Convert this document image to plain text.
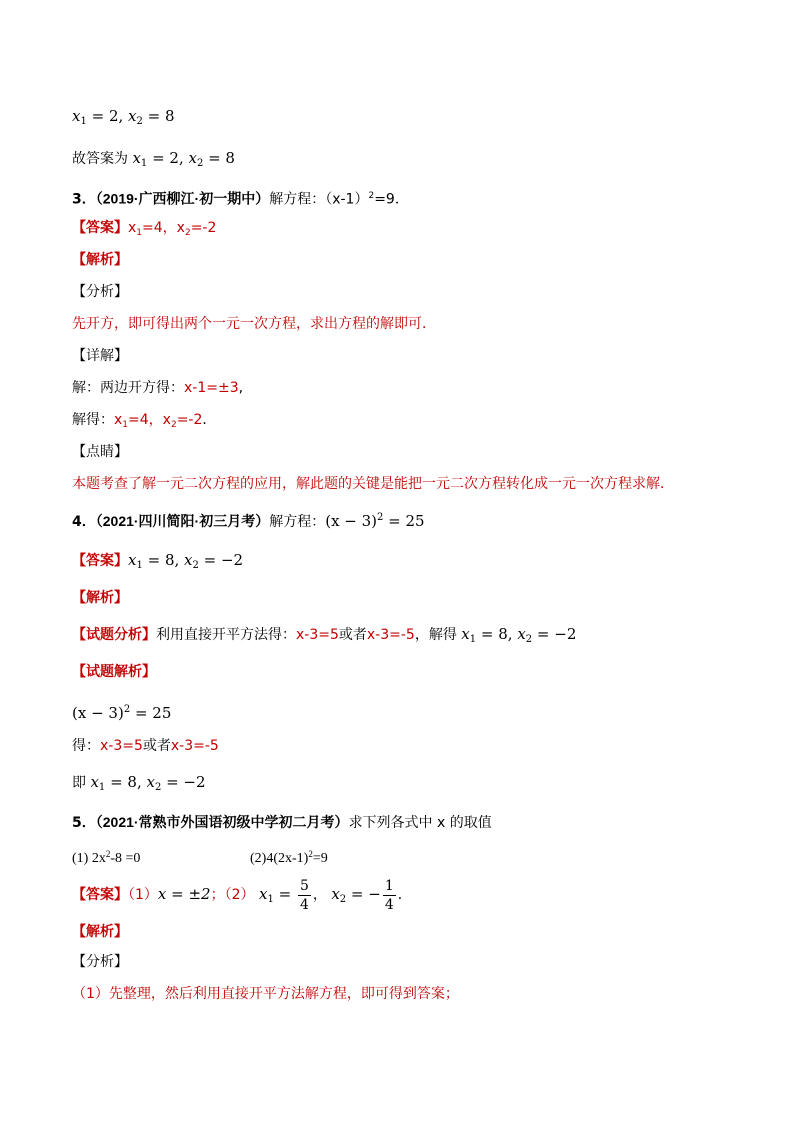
$x_1 = 2$, $x_2 = 8$
故答案为 $x_1 = 2$, $x_2 = 8$
3．（2019·广西柳江·初一期中）解方程：$(x-1)^2=9$．
【答案】$x_1=4$，$x_2=-2$
【解析】
【分析】
先开方，即可得出两个一元一次方程，求出方程的解即可．
【详解】
解：两边开方得：x-1=±3,
解得：$x_1=4$，$x_2=-2$．
【点睛】
本题考查了解一元二次方程的应用，解此题的关键是能把一元二次方程转化成一元一次方程求解．
4．（2021·四川简阳·初三月考）解方程：$(x - 3)^2 = 25$
【答案】$x_1 = 8$, $x_2 = -2$
【解析】
【试题分析】利用直接开平方法得：x-3=5或者x-3=-5，解得 $x_1 = 8$, $x_2 = -2$
【试题解析】
$(x - 3)^2 = 25$
得：x-3=5或者x-3=-5
即 $x_1 = 8$, $x_2 = -2$
5．（2021·常熟市外国语初级中学初二月考）求下列各式中 x 的取值
(1) $2x^2-8 =0$	$(2)4(2x-1)^2=9$
【答案】（1）x = ±2；（2） $x_1 = \frac{5}{4}$ ， $x_2$ = − $\frac{1}{4}$ ．
【解析】
【分析】
（1）先整理，然后利用直接开平方法解方程，即可得到答案；
